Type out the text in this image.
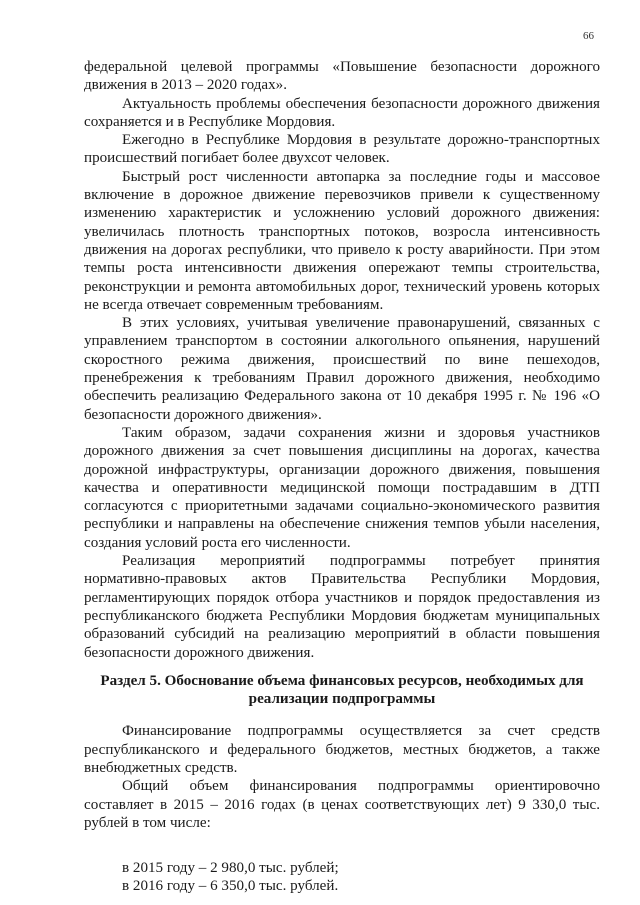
66

федеральной целевой программы «Повышение безопасности дорожного движения в 2013 – 2020 годах».

Актуальность проблемы обеспечения безопасности дорожного движения сохраняется и в Республике Мордовия.

Ежегодно в Республике Мордовия в результате дорожно-транспортных происшествий погибает более двухсот человек.

Быстрый рост численности автопарка за последние годы и массовое включение в дорожное движение перевозчиков привели к существенному изменению характеристик и усложнению условий дорожного движения: увеличилась плотность транспортных потоков, возросла интенсивность движения на дорогах республики, что привело к росту аварийности. При этом темпы роста интенсивности движения опережают темпы строительства, реконструкции и ремонта автомобильных дорог, технический уровень которых не всегда отвечает современным требованиям.

В этих условиях, учитывая увеличение правонарушений, связанных с управлением транспортом в состоянии алкогольного опьянения, нарушений скоростного режима движения, происшествий по вине пешеходов, пренебрежения к требованиям Правил дорожного движения, необходимо обеспечить реализацию Федерального закона от 10 декабря 1995 г. № 196 «О безопасности дорожного движения».

Таким образом, задачи сохранения жизни и здоровья участников дорожного движения за счет повышения дисциплины на дорогах, качества дорожной инфраструктуры, организации дорожного движения, повышения качества и оперативности медицинской помощи пострадавшим в ДТП согласуются с приоритетными задачами социально-экономического развития республики и направлены на обеспечение снижения темпов убыли населения, создания условий роста его численности.

Реализация мероприятий подпрограммы потребует принятия нормативно-правовых актов Правительства Республики Мордовия, регламентирующих порядок отбора участников и порядок предоставления из республиканского бюджета Республики Мордовия бюджетам муниципальных образований субсидий на реализацию мероприятий в области повышения безопасности дорожного движения.

Раздел 5. Обоснование объема финансовых ресурсов, необходимых для реализации подпрограммы

Финансирование подпрограммы осуществляется за счет средств республиканского и федерального бюджетов, местных бюджетов, а также внебюджетных средств.

Общий объем финансирования подпрограммы ориентировочно составляет в 2015 – 2016 годах (в ценах соответствующих лет) 9 330,0 тыс. рублей в том числе:

в 2015 году – 2 980,0 тыс. рублей;
в 2016 году – 6 350,0 тыс. рублей.
